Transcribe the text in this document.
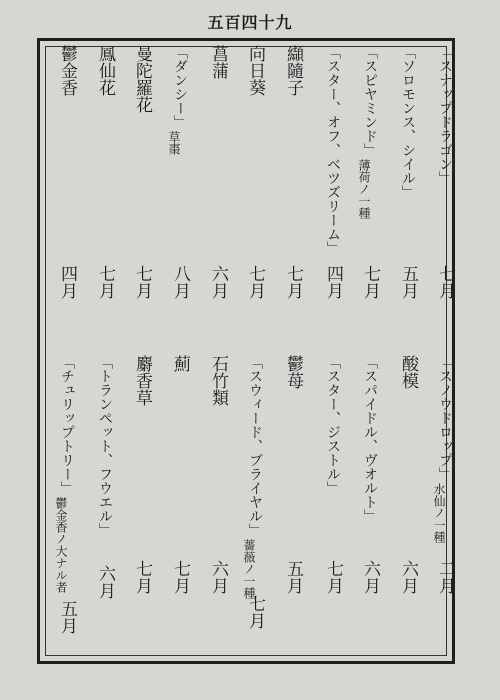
五百四十九
「スナップドラゴン」
七月
「ソロモンス、シイル」
五月
「スピヤミンド」
薄荷ノ一種
七月
「スター、オフ、ベツズリーム」
四月
纈隨子
七月
向日葵
七月
菖蒲
六月
「ダンシー」
草棗
八月
曼陀羅花
七月
鳳仙花
七月
鬱金香
四月
「スノウドロップ」
水仙ノ一種
二月
酸模
六月
「スパイドル、ヴオルト」
六月
「スター、ジストル」
七月
鬱苺
五月
「スウィード、ブライヤル」
薔薇ノ一種
七月
石竹類
六月
薊
七月
麝香草
七月
「トランペット、フウエル」
六月
「チュリップトリー」
鬱金香ノ大ナル者
五月
